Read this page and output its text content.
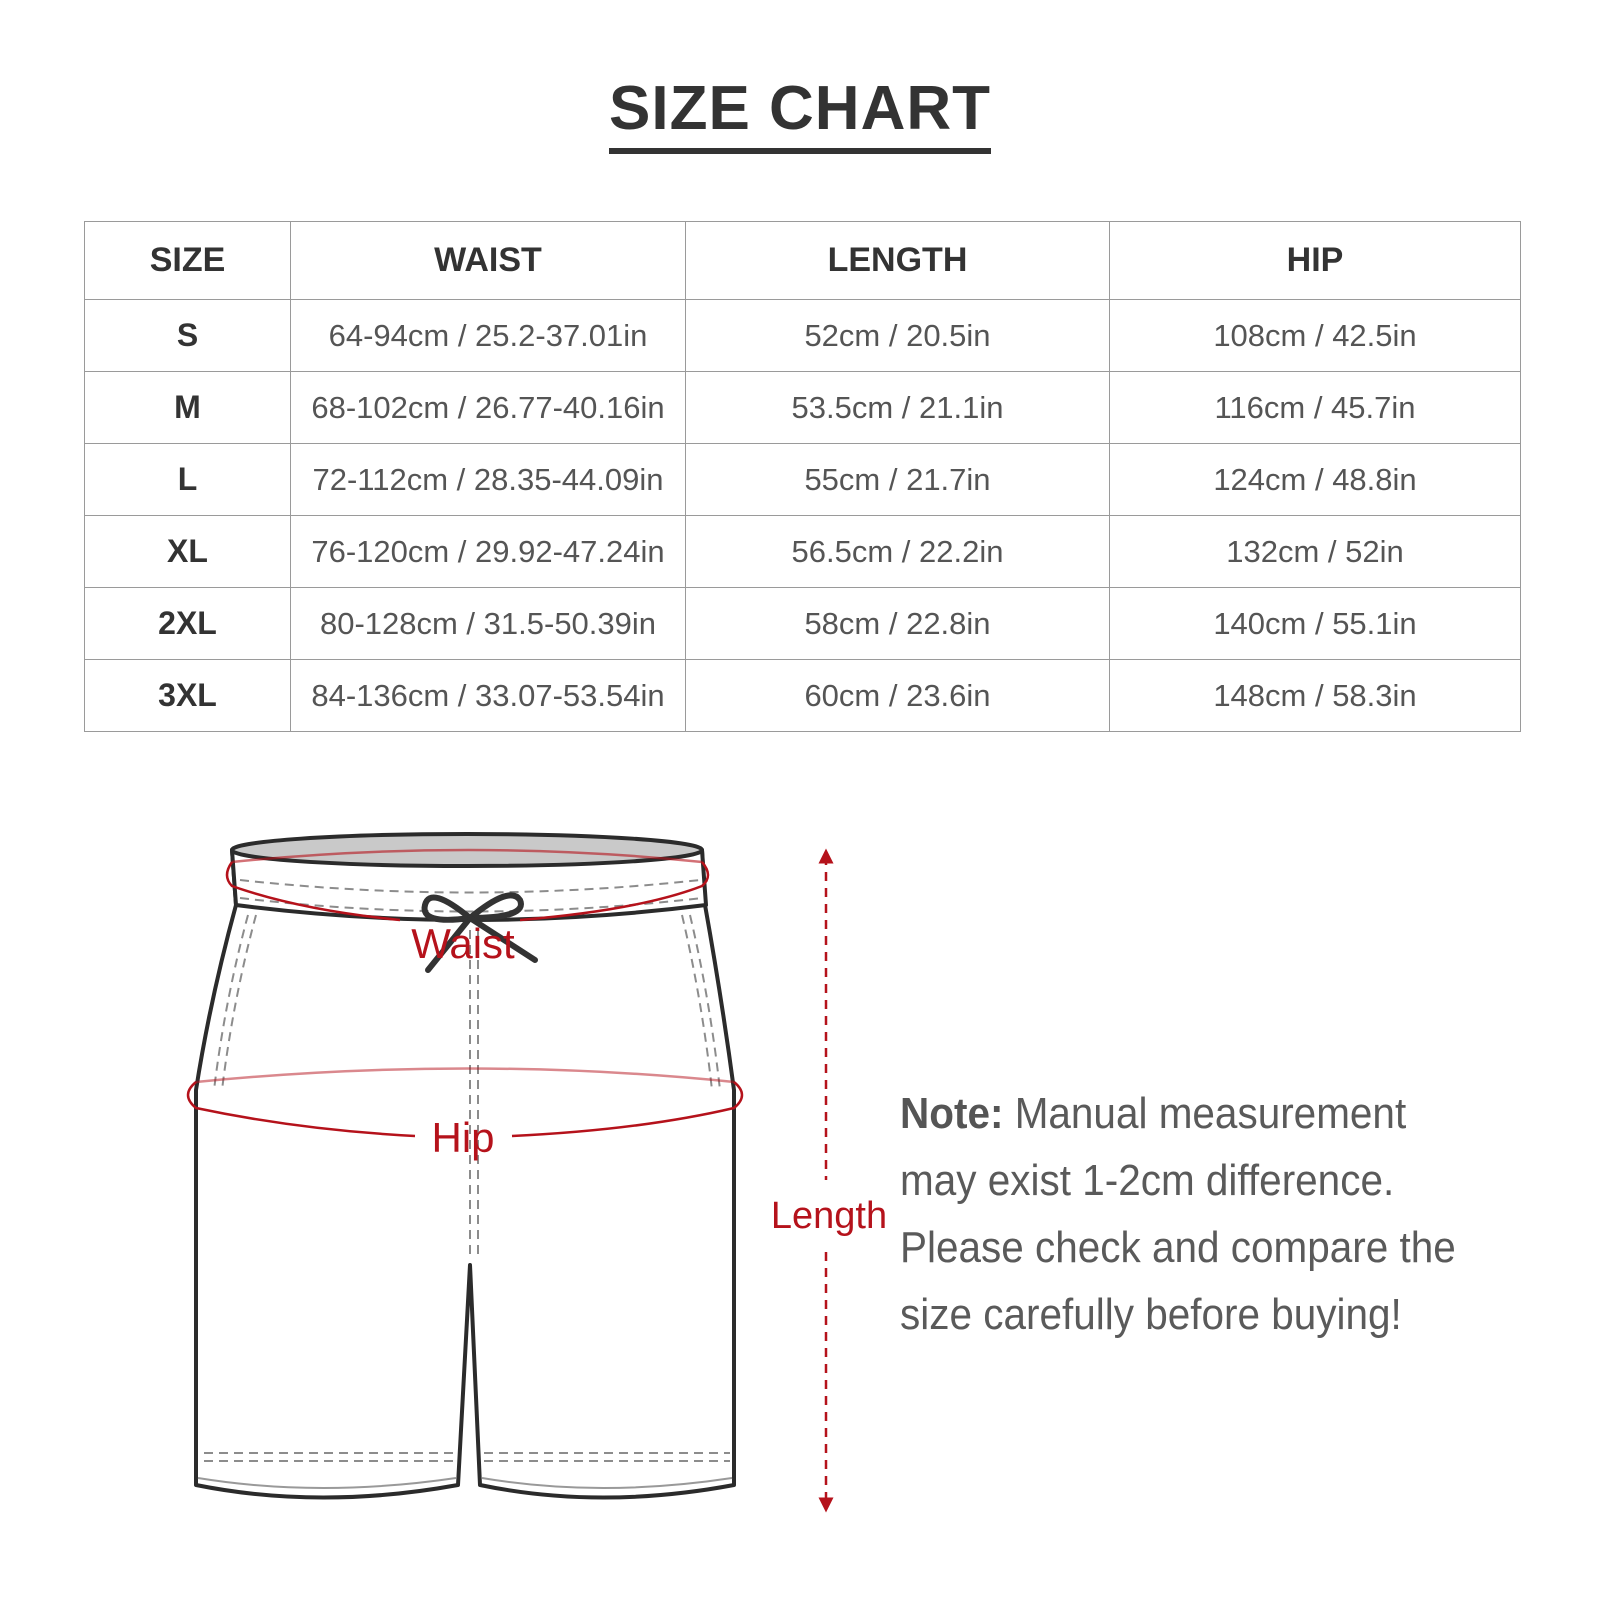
SIZE CHART
SIZE	WAIST	LENGTH	HIP
S	64-94cm / 25.2-37.01in	52cm / 20.5in	108cm / 42.5in
M	68-102cm / 26.77-40.16in	53.5cm / 21.1in	116cm / 45.7in
L	72-112cm / 28.35-44.09in	55cm / 21.7in	124cm / 48.8in
XL	76-120cm / 29.92-47.24in	56.5cm / 22.2in	132cm / 52in
2XL	80-128cm / 31.5-50.39in	58cm / 22.8in	140cm / 55.1in
3XL	84-136cm / 33.07-53.54in	60cm / 23.6in	148cm / 58.3in
Waist
Hip
Length
Note: Manual measurement may exist 1-2cm difference. Please check and compare the size carefully before buying!
